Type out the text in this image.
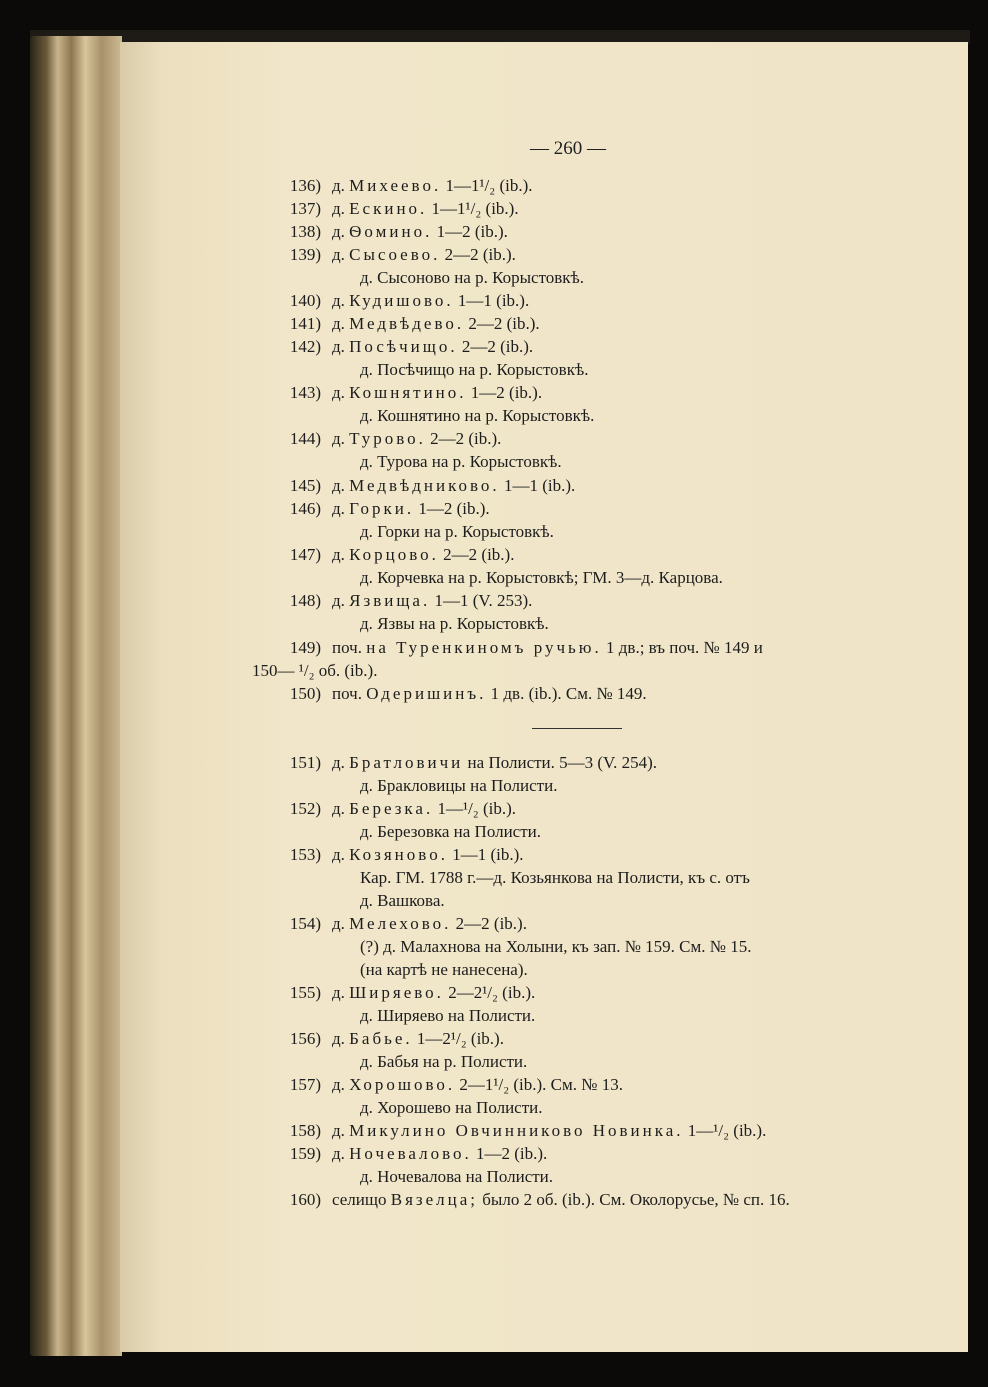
— 260 —
136) д. Михеево. 1—1¹/₂ (ib.).
137) д. Ескино. 1—1¹/₂ (ib.).
138) д. Ѳомино. 1—2 (ib.).
139) д. Сысоево. 2—2 (ib.).
д. Сысоново на р. Корыстовкѣ.
140) д. Кудишово. 1—1 (ib.).
141) д. Медвѣдево. 2—2 (ib.).
142) д. Посѣчищо. 2—2 (ib.).
д. Посѣчищо на р. Корыстовкѣ.
143) д. Кошнятино. 1—2 (ib.).
д. Кошнятино на р. Корыстовкѣ.
144) д. Турово. 2—2 (ib.).
д. Турова на р. Корыстовкѣ.
145) д. Медвѣдниково. 1—1 (ib.).
146) д. Горки. 1—2 (ib.).
д. Горки на р. Корыстовкѣ.
147) д. Корцово. 2—2 (ib.).
д. Корчевка на р. Корыстовкѣ; ГМ. 3—д. Карцова.
148) д. Язвища. 1—1 (V. 253).
д. Язвы на р. Корыстовкѣ.
149) поч. на Туренкиномъ ручью. 1 дв.; въ поч. № 149 и
150— ¹/₂ об. (ib.).
150) поч. Одеришинъ. 1 дв. (ib.). См. № 149.
151) д. Братловичи на Полисти. 5—3 (V. 254).
д. Бракловицы на Полисти.
152) д. Березка. 1—¹/₂ (ib.).
д. Березовка на Полисти.
153) д. Козяново. 1—1 (ib.).
Кар. ГМ. 1788 г.—д. Козьянкова на Полисти, къ с. отъ
д. Вашкова.
154) д. Мелехово. 2—2 (ib.).
(?) д. Малахнова на Холыни, къ зап. № 159. См. № 15.
(на картѣ не нанесена).
155) д. Ширяево. 2—2¹/₂ (ib.).
д. Ширяево на Полисти.
156) д. Бабье. 1—2¹/₂ (ib.).
д. Бабья на р. Полисти.
157) д. Хорошово. 2—1¹/₂ (ib.). См. № 13.
д. Хорошево на Полисти.
158) д. Микулино Овчинниково Новинка. 1—¹/₂ (ib.).
159) д. Ночевалово. 1—2 (ib.).
д. Ночевалова на Полисти.
160) селищо Вязелца; было 2 об. (ib.). См. Околорусье, № сп. 16.
